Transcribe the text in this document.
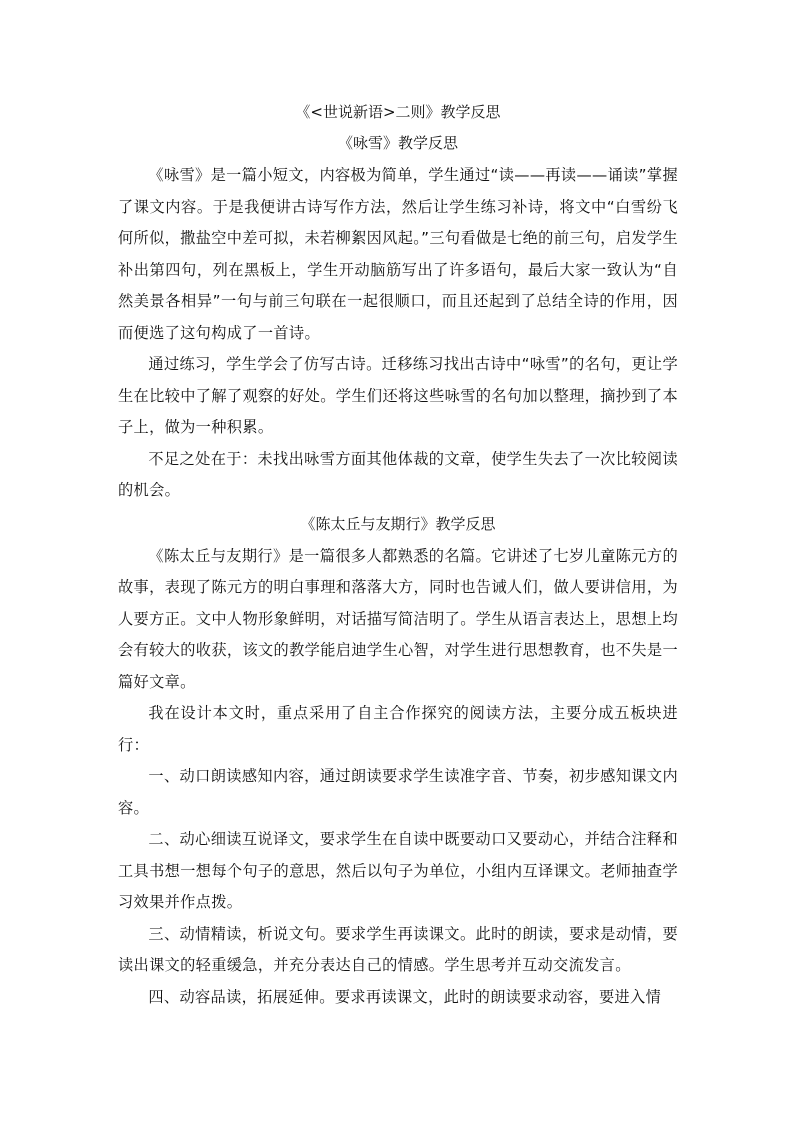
《<世说新语>二则》教学反思
《咏雪》教学反思

《咏雪》是一篇小短文，内容极为简单，学生通过“读——再读——诵读”掌握了课文内容。于是我便讲古诗写作方法，然后让学生练习补诗，将文中“白雪纷飞何所似，撒盐空中差可拟，未若柳絮因风起。”三句看做是七绝的前三句，启发学生补出第四句，列在黑板上，学生开动脑筋写出了许多语句，最后大家一致认为“自然美景各相异”一句与前三句联在一起很顺口，而且还起到了总结全诗的作用，因而便选了这句构成了一首诗。

通过练习，学生学会了仿写古诗。迁移练习找出古诗中“咏雪”的名句，更让学生在比较中了解了观察的好处。学生们还将这些咏雪的名句加以整理，摘抄到了本子上，做为一种积累。

不足之处在于：未找出咏雪方面其他体裁的文章，使学生失去了一次比较阅读的机会。

《陈太丘与友期行》教学反思

《陈太丘与友期行》是一篇很多人都熟悉的名篇。它讲述了七岁儿童陈元方的故事，表现了陈元方的明白事理和落落大方，同时也告诫人们，做人要讲信用，为人要方正。文中人物形象鲜明，对话描写简洁明了。学生从语言表达上，思想上均会有较大的收获，该文的教学能启迪学生心智，对学生进行思想教育，也不失是一篇好文章。

我在设计本文时，重点采用了自主合作探究的阅读方法，主要分成五板块进行：

一、动口朗读感知内容，通过朗读要求学生读准字音、节奏，初步感知课文内容。

二、动心细读互说译文，要求学生在自读中既要动口又要动心，并结合注释和工具书想一想每个句子的意思，然后以句子为单位，小组内互译课文。老师抽查学习效果并作点拨。

三、动情精读，析说文句。要求学生再读课文。此时的朗读，要求是动情，要读出课文的轻重缓急，并充分表达自己的情感。学生思考并互动交流发言。

四、动容品读，拓展延伸。要求再读课文，此时的朗读要求动容，要进入情
